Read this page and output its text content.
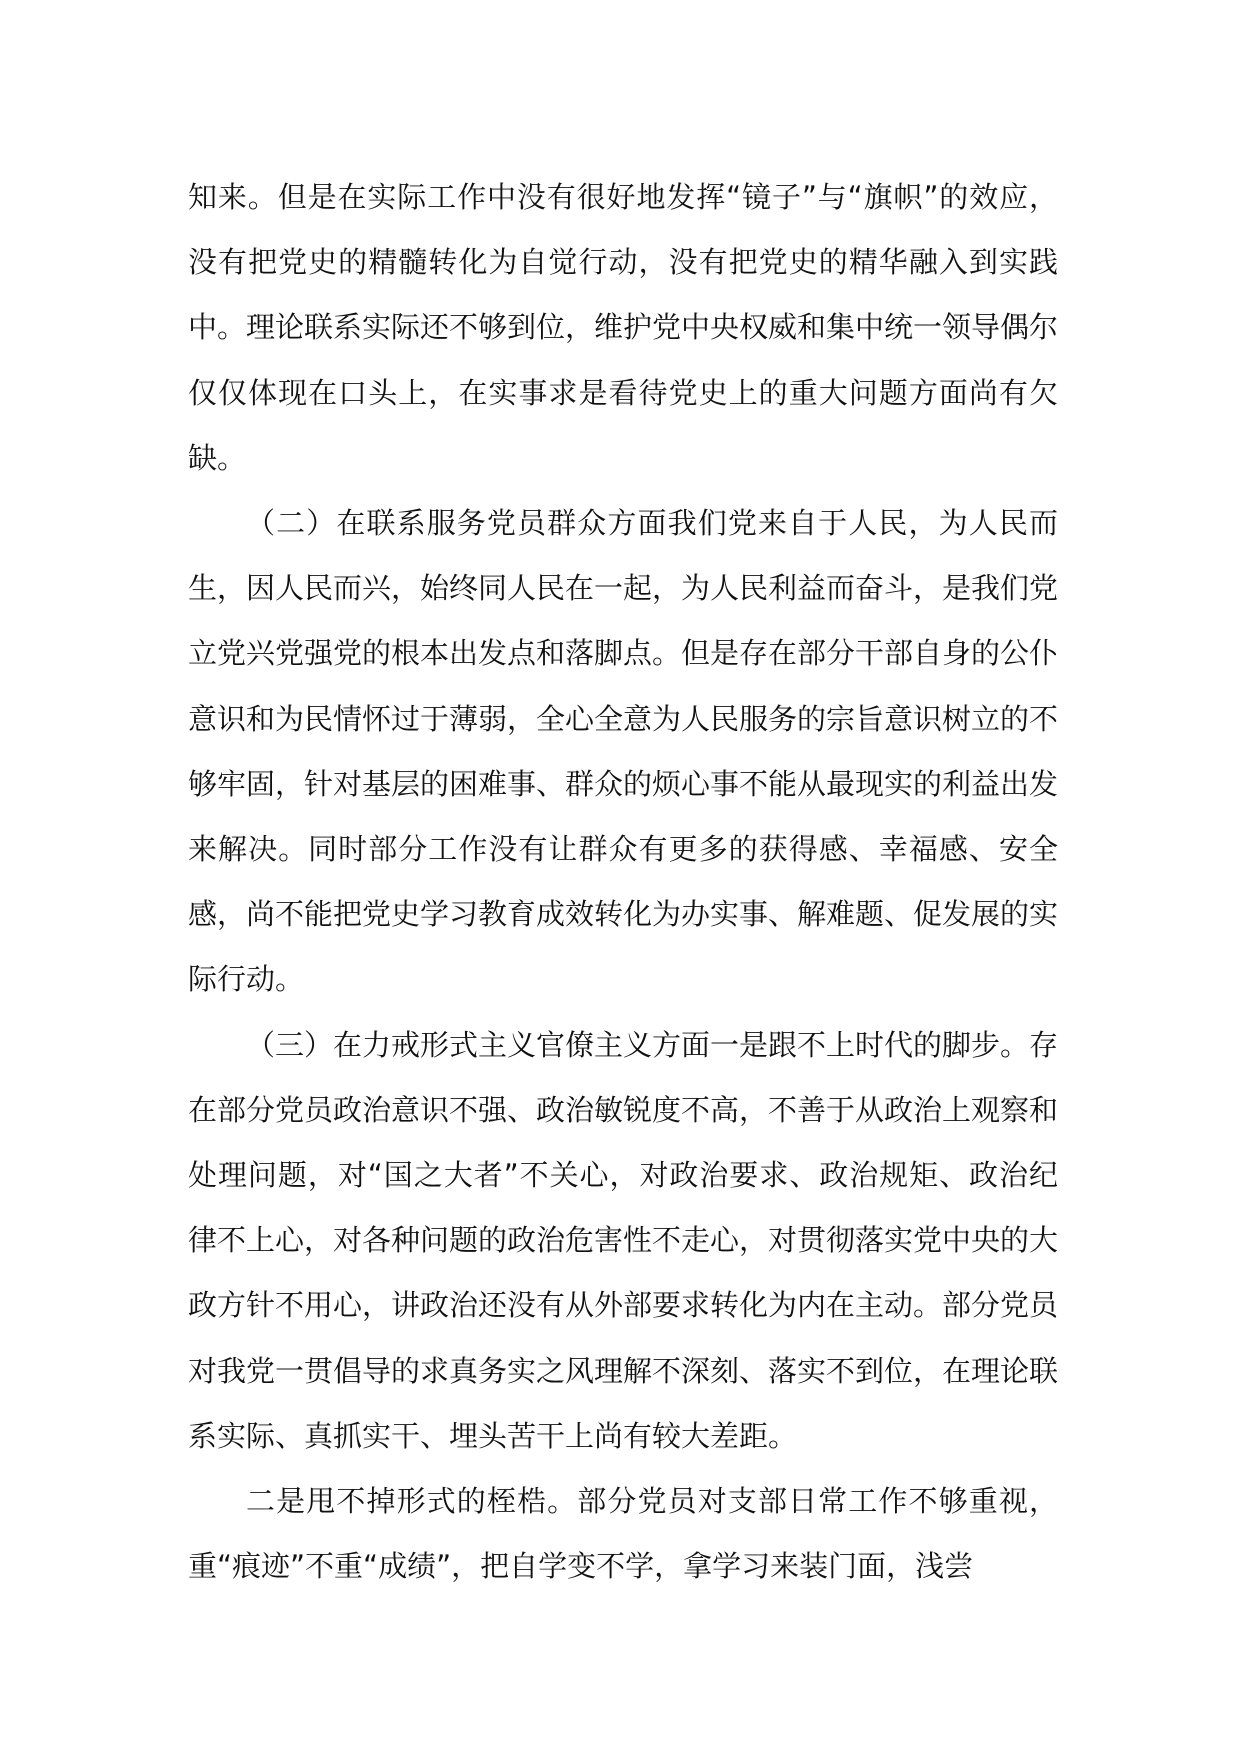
知来。但是在实际工作中没有很好地发挥“镜子”与“旗帜”的效应，没有把党史的精髓转化为自觉行动，没有把党史的精华融入到实践中。理论联系实际还不够到位，维护党中央权威和集中统一领导偶尔仅仅体现在口头上，在实事求是看待党史上的重大问题方面尚有欠缺。

（二）在联系服务党员群众方面我们党来自于人民，为人民而生，因人民而兴，始终同人民在一起，为人民利益而奋斗，是我们党立党兴党强党的根本出发点和落脚点。但是存在部分干部自身的公仆意识和为民情怀过于薄弱，全心全意为人民服务的宗旨意识树立的不够牢固，针对基层的困难事、群众的烦心事不能从最现实的利益出发来解决。同时部分工作没有让群众有更多的获得感、幸福感、安全感，尚不能把党史学习教育成效转化为办实事、解难题、促发展的实际行动。

（三）在力戒形式主义官僚主义方面一是跟不上时代的脚步。存在部分党员政治意识不强、政治敏锐度不高，不善于从政治上观察和处理问题，对“国之大者”不关心，对政治要求、政治规矩、政治纪律不上心，对各种问题的政治危害性不走心，对贯彻落实党中央的大政方针不用心，讲政治还没有从外部要求转化为内在主动。部分党员对我党一贯倡导的求真务实之风理解不深刻、落实不到位，在理论联系实际、真抓实干、埋头苦干上尚有较大差距。

二是甩不掉形式的桎梏。部分党员对支部日常工作不够重视，重“痕迹”不重“成绩”，把自学变不学，拿学习来装门面，浅尝
